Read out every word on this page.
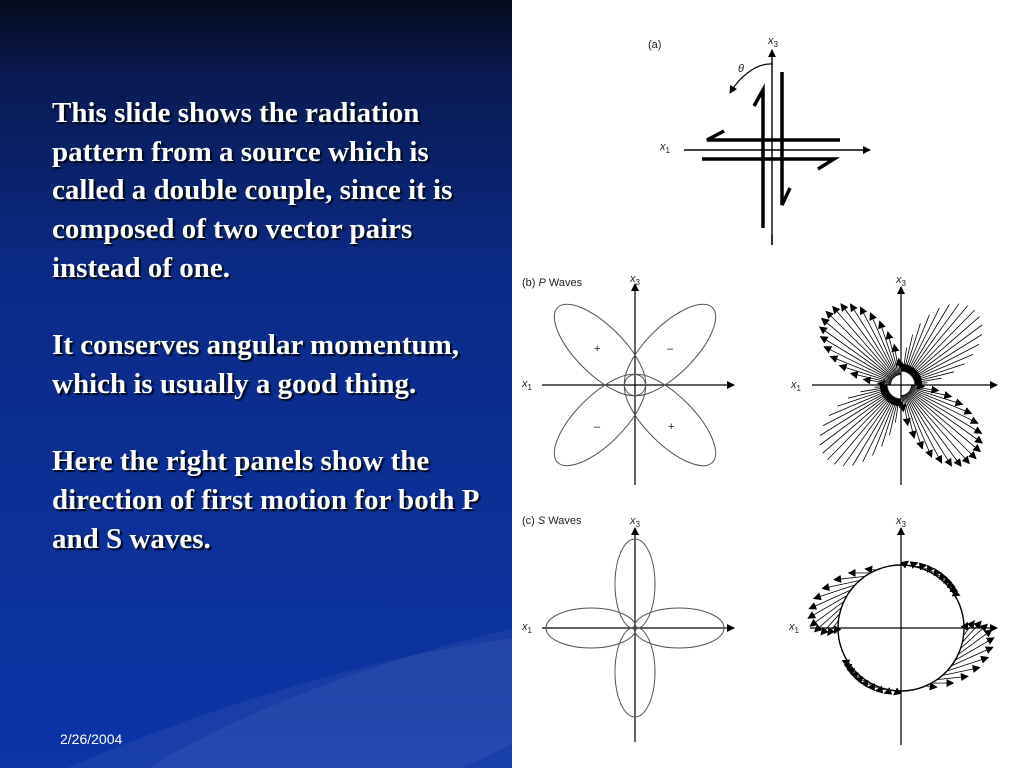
This slide shows the radiation pattern from a source which is called a double couple, since it is composed of two vector pairs instead of one.

It conserves angular momentum, which is usually a good thing.

Here the right panels show the direction of first motion for both P and S waves.

2/26/2004
(a)	$x_3$
$x_1$
θ
(b) P Waves	$x_3$
$x_1$
+	–
–	+
$x_3$
$x_1$
(c) S Waves	$x_3$
$x_1$
$x_3$
$x_1$
